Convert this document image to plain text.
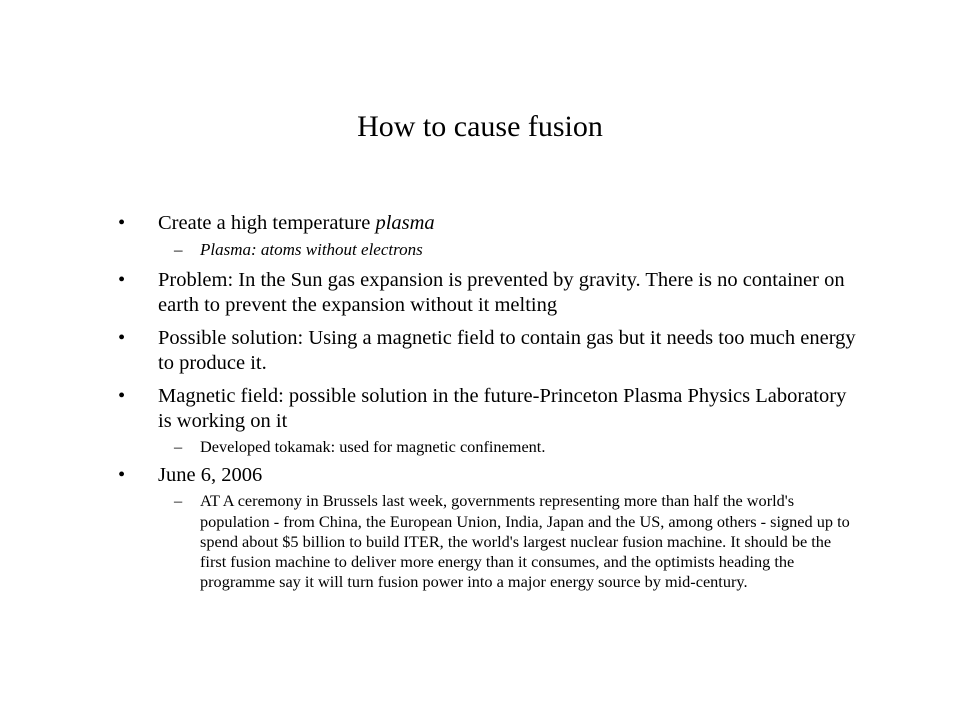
How to cause fusion
•	Create a high temperature plasma
– Plasma: atoms without electrons
•	Problem: In the Sun gas expansion is prevented by gravity. There is no container on earth to prevent the expansion without it melting
•	Possible solution: Using a magnetic field to contain gas but it needs too much energy to produce it.
•	Magnetic field: possible solution in the future-Princeton Plasma Physics Laboratory is working on it
– Developed tokamak: used for magnetic confinement.
•	June 6, 2006
– AT A ceremony in Brussels last week, governments representing more than half the world's population - from China, the European Union, India, Japan and the US, among others - signed up to spend about $5 billion to build ITER, the world's largest nuclear fusion machine. It should be the first fusion machine to deliver more energy than it consumes, and the optimists heading the programme say it will turn fusion power into a major energy source by mid-century.
